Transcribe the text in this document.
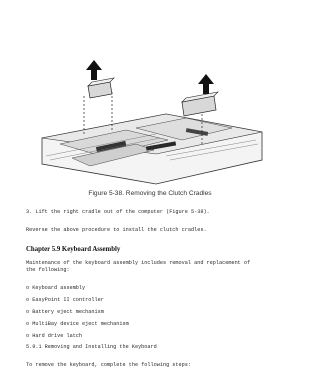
Figure 5-38. Removing the Clutch Cradles
3. Lift the right cradle out of the computer (Figure 5-38).
Reverse the above procedure to install the clutch cradles.
Chapter 5.9 Keyboard Assembly
Maintenance of the keyboard assembly includes removal and replacement of
the following:
o Keyboard assembly
o EasyPoint II controller
o Battery eject mechanism
o MultiBay device eject mechanism
o Hard drive latch
5.9.1 Removing and Installing the Keyboard
To remove the keyboard, complete the following steps:
